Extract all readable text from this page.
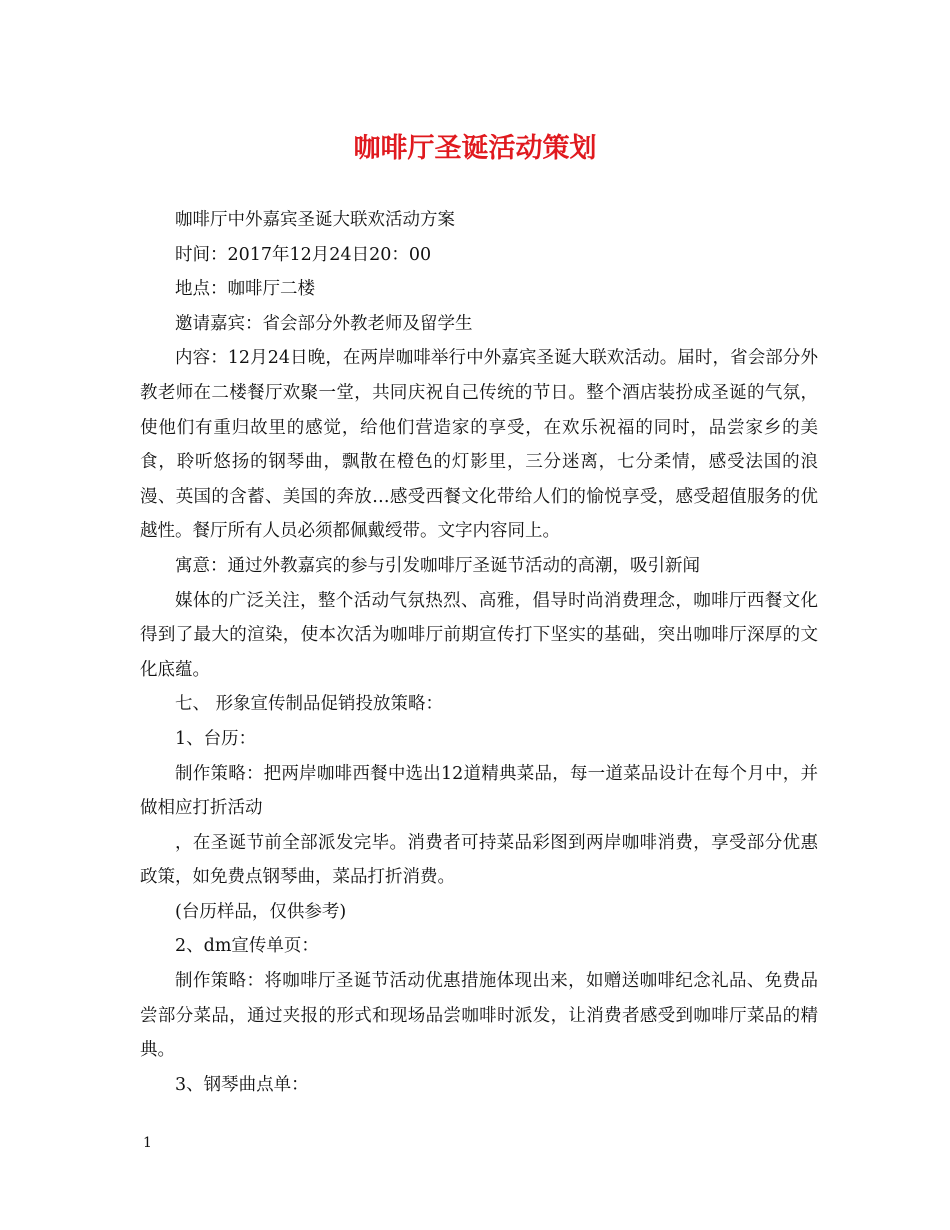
咖啡厅圣诞活动策划

咖啡厅中外嘉宾圣诞大联欢活动方案

时间：2017年12月24日20：00

地点：咖啡厅二楼

邀请嘉宾：省会部分外教老师及留学生

内容：12月24日晚，在两岸咖啡举行中外嘉宾圣诞大联欢活动。届时，省会部分外教老师在二楼餐厅欢聚一堂，共同庆祝自己传统的节日。整个酒店装扮成圣诞的气氛，使他们有重归故里的感觉，给他们营造家的享受，在欢乐祝福的同时，品尝家乡的美食，聆听悠扬的钢琴曲，飘散在橙色的灯影里，三分迷离，七分柔情，感受法国的浪漫、英国的含蓄、美国的奔放…感受西餐文化带给人们的愉悦享受，感受超值服务的优越性。餐厅所有人员必须都佩戴绶带。文字内容同上。

寓意：通过外教嘉宾的参与引发咖啡厅圣诞节活动的高潮，吸引新闻

媒体的广泛关注，整个活动气氛热烈、高雅，倡导时尚消费理念，咖啡厅西餐文化得到了最大的渲染，使本次活为咖啡厅前期宣传打下坚实的基础，突出咖啡厅深厚的文化底蕴。

七、 形象宣传制品促销投放策略：

1、台历：

制作策略：把两岸咖啡西餐中选出12道精典菜品，每一道菜品设计在每个月中，并做相应打折活动

，在圣诞节前全部派发完毕。消费者可持菜品彩图到两岸咖啡消费，享受部分优惠政策，如免费点钢琴曲，菜品打折消费。

(台历样品，仅供参考)

2、dm宣传单页：

制作策略：将咖啡厅圣诞节活动优惠措施体现出来，如赠送咖啡纪念礼品、免费品尝部分菜品，通过夹报的形式和现场品尝咖啡时派发，让消费者感受到咖啡厅菜品的精典。

3、钢琴曲点单：

1
